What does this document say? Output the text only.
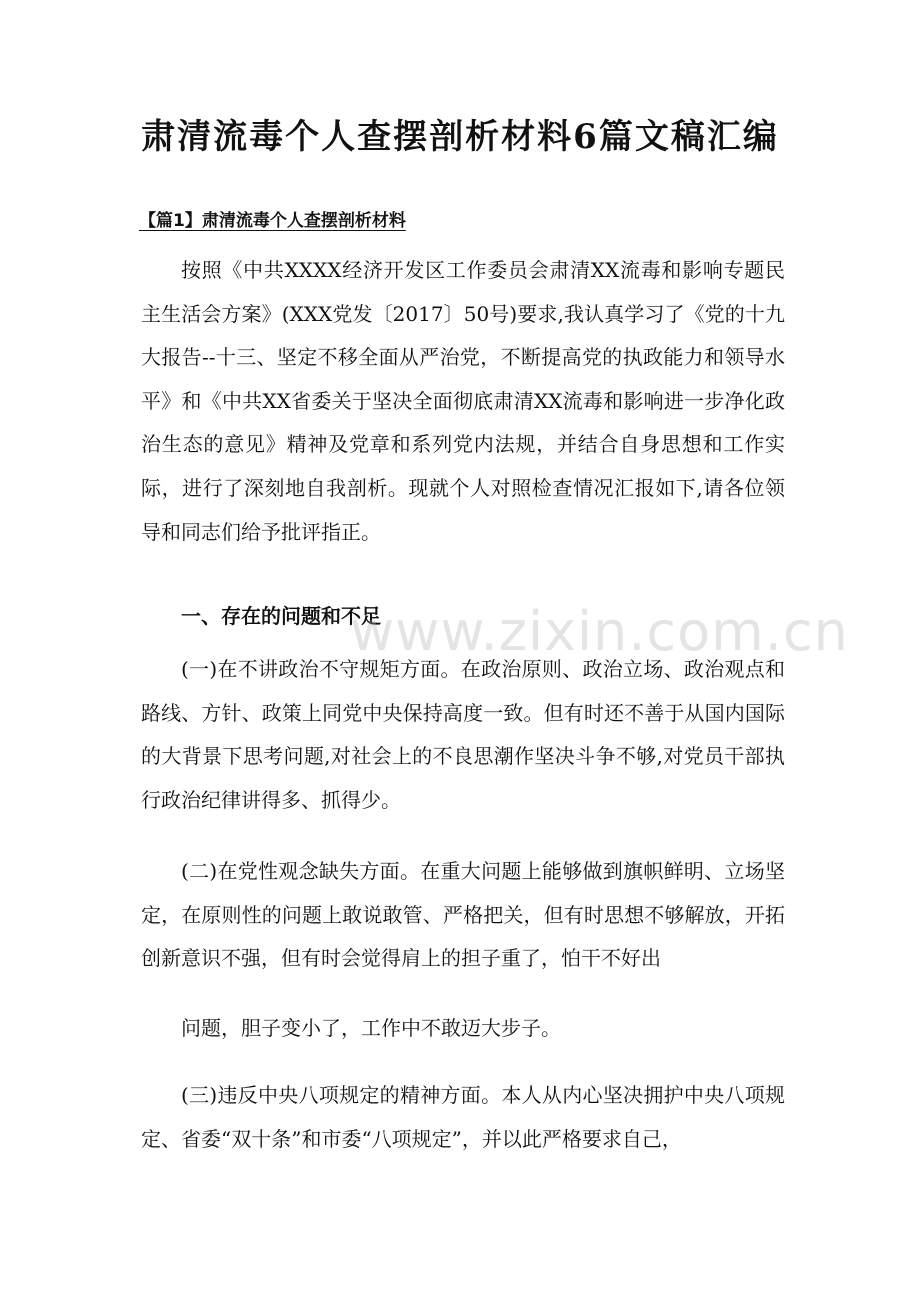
肃清流毒个人查摆剖析材料6篇文稿汇编

【篇1】肃清流毒个人查摆剖析材料

按照《中共XXXX经济开发区工作委员会肃清XX流毒和影响专题民主生活会方案》(XXX党发〔2017〕50号)要求,我认真学习了《党的十九大报告--十三、坚定不移全面从严治党，不断提高党的执政能力和领导水平》和《中共XX省委关于坚决全面彻底肃清XX流毒和影响进一步净化政治生态的意见》精神及党章和系列党内法规，并结合自身思想和工作实际，进行了深刻地自我剖析。现就个人对照检查情况汇报如下,请各位领导和同志们给予批评指正。

一、存在的问题和不足

(一)在不讲政治不守规矩方面。在政治原则、政治立场、政治观点和路线、方针、政策上同党中央保持高度一致。但有时还不善于从国内国际的大背景下思考问题,对社会上的不良思潮作坚决斗争不够,对党员干部执行政治纪律讲得多、抓得少。

(二)在党性观念缺失方面。在重大问题上能够做到旗帜鲜明、立场坚定，在原则性的问题上敢说敢管、严格把关，但有时思想不够解放，开拓创新意识不强，但有时会觉得肩上的担子重了，怕干不好出

问题，胆子变小了，工作中不敢迈大步子。

(三)违反中央八项规定的精神方面。本人从内心坚决拥护中央八项规定、省委“双十条”和市委“八项规定”，并以此严格要求自己，

www.zixin.com.cn
